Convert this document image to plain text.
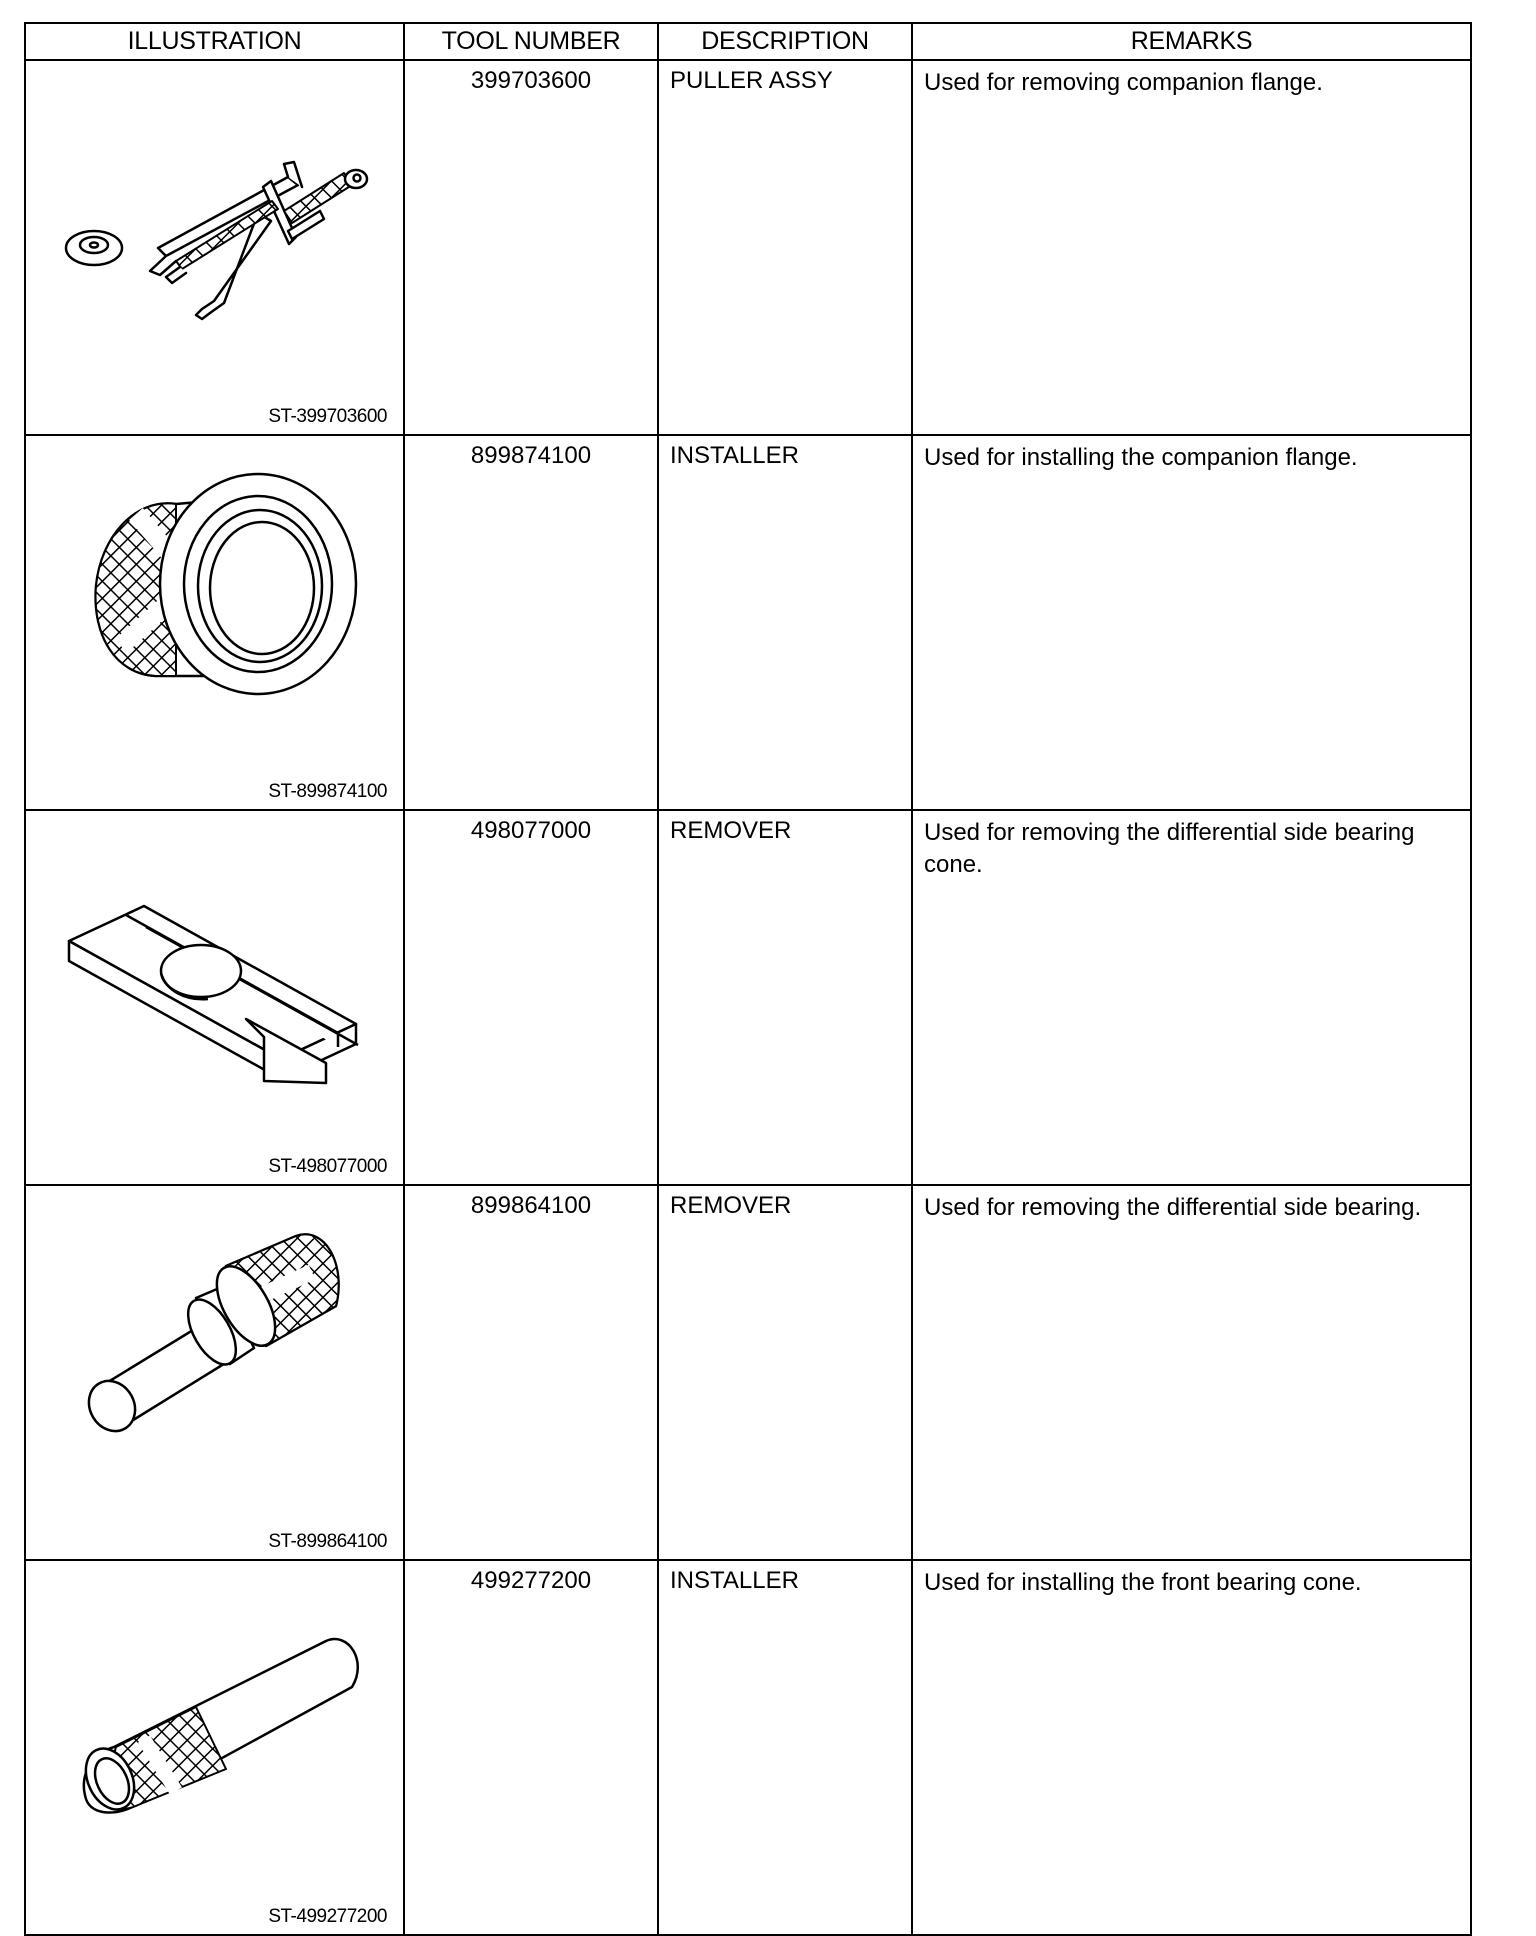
ILLUSTRATION	TOOL NUMBER	DESCRIPTION	REMARKS

ST-399703600	399703600	PULLER ASSY	Used for removing companion flange.

ST-899874100	899874100	INSTALLER	Used for installing the companion flange.

ST-498077000	498077000	REMOVER	Used for removing the differential side bearing cone.

ST-899864100	899864100	REMOVER	Used for removing the differential side bearing.

ST-499277200	499277200	INSTALLER	Used for installing the front bearing cone.
